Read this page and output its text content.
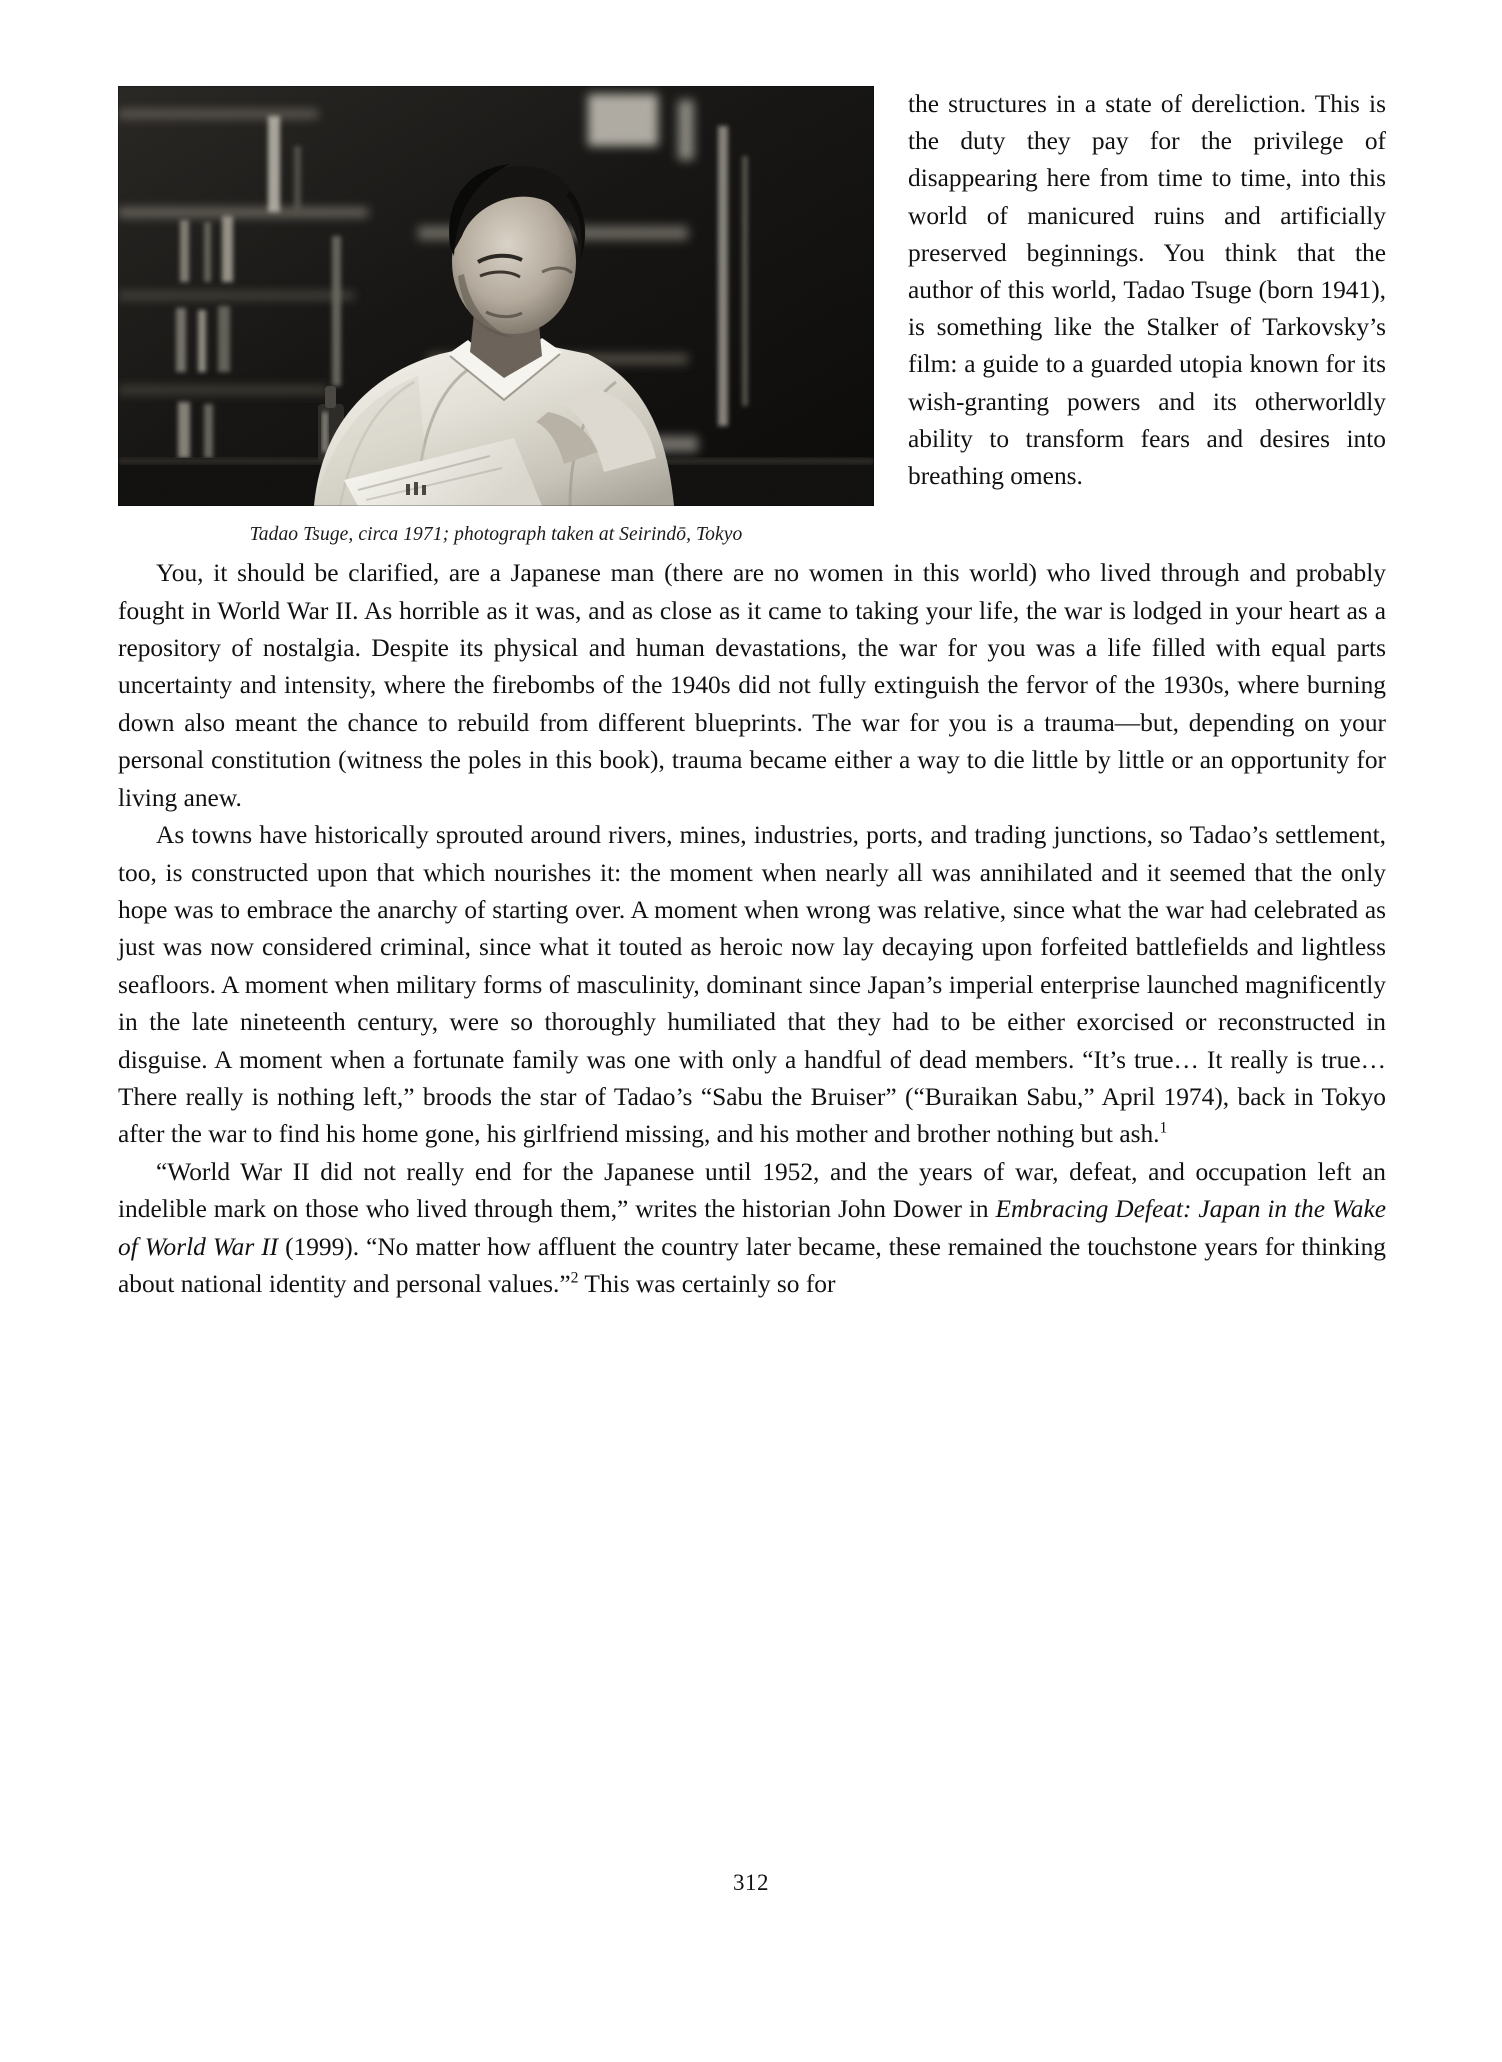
Tadao Tsuge, circa 1971; photograph taken at Seirindō, Tokyo
the structures in a state of dereliction. This is the duty they pay for the privilege of disappearing here from time to time, into this world of manicured ruins and artificially preserved beginnings. You think that the author of this world, Tadao Tsuge (born 1941), is something like the Stalker of Tarkovsky’s film: a guide to a guarded utopia known for its wish-granting powers and its otherworldly ability to transform fears and desires into breathing omens.

You, it should be clarified, are a Japanese man (there are no women in this world) who lived through and probably fought in World War II. As horrible as it was, and as close as it came to taking your life, the war is lodged in your heart as a repository of nostalgia. Despite its physical and human devastations, the war for you was a life filled with equal parts uncertainty and intensity, where the firebombs of the 1940s did not fully extinguish the fervor of the 1930s, where burning down also meant the chance to rebuild from different blueprints. The war for you is a trauma—but, depending on your personal constitution (witness the poles in this book), trauma became either a way to die little by little or an opportunity for living anew.

As towns have historically sprouted around rivers, mines, industries, ports, and trading junctions, so Tadao’s settlement, too, is constructed upon that which nourishes it: the moment when nearly all was annihilated and it seemed that the only hope was to embrace the anarchy of starting over. A moment when wrong was relative, since what the war had celebrated as just was now considered criminal, since what it touted as heroic now lay decaying upon forfeited battlefields and lightless seafloors. A moment when military forms of masculinity, dominant since Japan’s imperial enterprise launched magnificently in the late nineteenth century, were so thoroughly humiliated that they had to be either exorcised or reconstructed in disguise. A moment when a fortunate family was one with only a handful of dead members. “It’s true… It really is true… There really is nothing left,” broods the star of Tadao’s “Sabu the Bruiser” (“Buraikan Sabu,” April 1974), back in Tokyo after the war to find his home gone, his girlfriend missing, and his mother and brother nothing but ash.$^1$

“World War II did not really end for the Japanese until 1952, and the years of war, defeat, and occupation left an indelible mark on those who lived through them,” writes the historian John Dower in Embracing Defeat: Japan in the Wake of World War II (1999). “No matter how affluent the country later became, these remained the touchstone years for thinking about national identity and personal values.”$^2$ This was certainly so for

312
